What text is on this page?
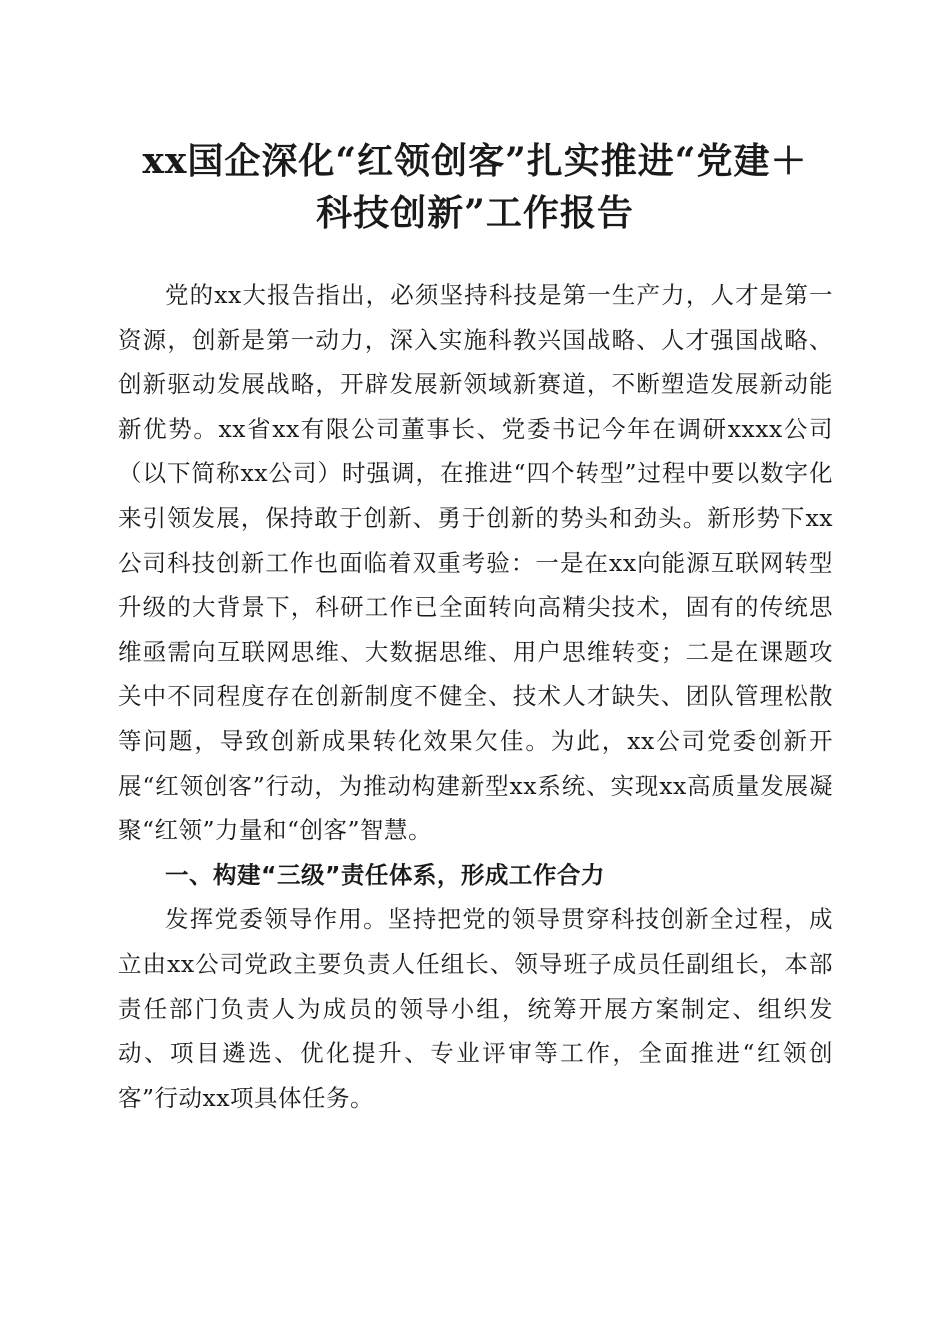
xx国企深化“红领创客”扎实推进“党建＋
科技创新”工作报告

党的xx大报告指出，必须坚持科技是第一生产力，人才是第一资源，创新是第一动力，深入实施科教兴国战略、人才强国战略、创新驱动发展战略，开辟发展新领域新赛道，不断塑造发展新动能新优势。xx省xx有限公司董事长、党委书记今年在调研xxxx公司（以下简称xx公司）时强调，在推进“四个转型”过程中要以数字化来引领发展，保持敢于创新、勇于创新的势头和劲头。新形势下xx公司科技创新工作也面临着双重考验：一是在xx向能源互联网转型升级的大背景下，科研工作已全面转向高精尖技术，固有的传统思维亟需向互联网思维、大数据思维、用户思维转变；二是在课题攻关中不同程度存在创新制度不健全、技术人才缺失、团队管理松散等问题，导致创新成果转化效果欠佳。为此，xx公司党委创新开展“红领创客”行动，为推动构建新型xx系统、实现xx高质量发展凝聚“红领”力量和“创客”智慧。

一、构建“三级”责任体系，形成工作合力

发挥党委领导作用。坚持把党的领导贯穿科技创新全过程，成立由xx公司党政主要负责人任组长、领导班子成员任副组长，本部责任部门负责人为成员的领导小组，统筹开展方案制定、组织发动、项目遴选、优化提升、专业评审等工作，全面推进“红领创客”行动xx项具体任务。
